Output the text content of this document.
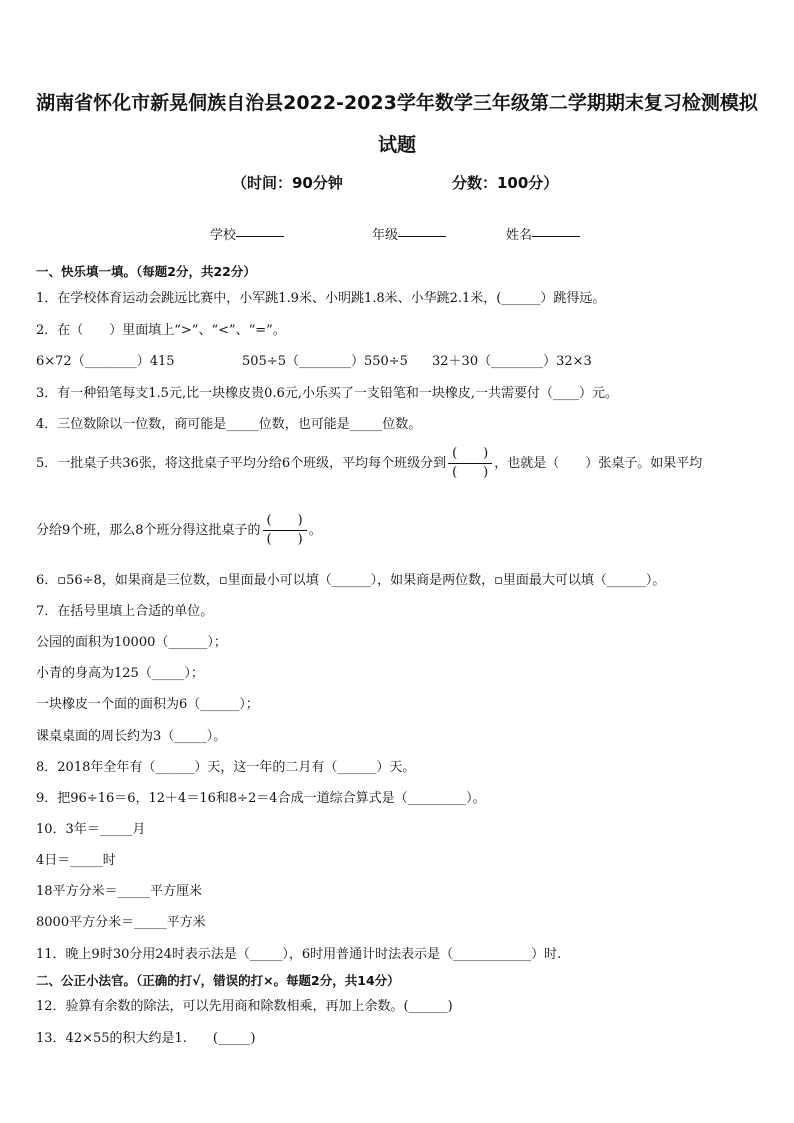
湖南省怀化市新晃侗族自治县2022-2023学年数学三年级第二学期期末复习检测模拟
试题
（时间：90分钟	分数：100分）
学校	年级	姓名
一、快乐填一填。（每题2分，共22分）
1．在学校体育运动会跳远比赛中，小军跳1.9米、小明跳1.8米、小华跳2.1米，(______）跳得远。
2．在（　　）里面填上“>”、“<”、“=”。
6×72（________）415	505÷5（________）550÷5 32＋30（________）32×3
3．有一种铅笔每支1.5元,比一块橡皮贵0.6元,小乐买了一支铅笔和一块橡皮,一共需要付（____）元。
4．三位数除以一位数，商可能是_____位数，也可能是_____位数。
5．一批桌子共36张，将这批桌子平均分给6个班级，平均每个班级分到 $\frac{( )}{( )}$ ，也就是（　　）张桌子。如果平均
分给9个班，那么8个班分得这批桌子的 $\frac{( )}{( )}$ 。
6．▫56÷8，如果商是三位数，▫里面最小可以填（______），如果商是两位数，▫里面最大可以填（______）。
7．在括号里填上合适的单位。
公园的面积为10000（______）；
小青的身高为125（_____）；
一块橡皮一个面的面积为6（______）；
课桌桌面的周长约为3（_____）。
8．2018年全年有（______）天，这一年的二月有（______）天。
9．把96÷16＝6，12＋4＝16和8÷2＝4合成一道综合算式是（_________）。
10．3年＝_____月
4日＝_____时
18平方分米＝_____平方厘米
8000平方分米＝_____平方米
11．晚上9时30分用24时表示法是（_____），6时用普通计时法表示是（____________）时.
二、公正小法官。（正确的打√，错误的打×。每题2分，共14分）
12．验算有余数的除法，可以先用商和除数相乘，再加上余数。(______)
13．42×55的积大约是1.　　(_____)
